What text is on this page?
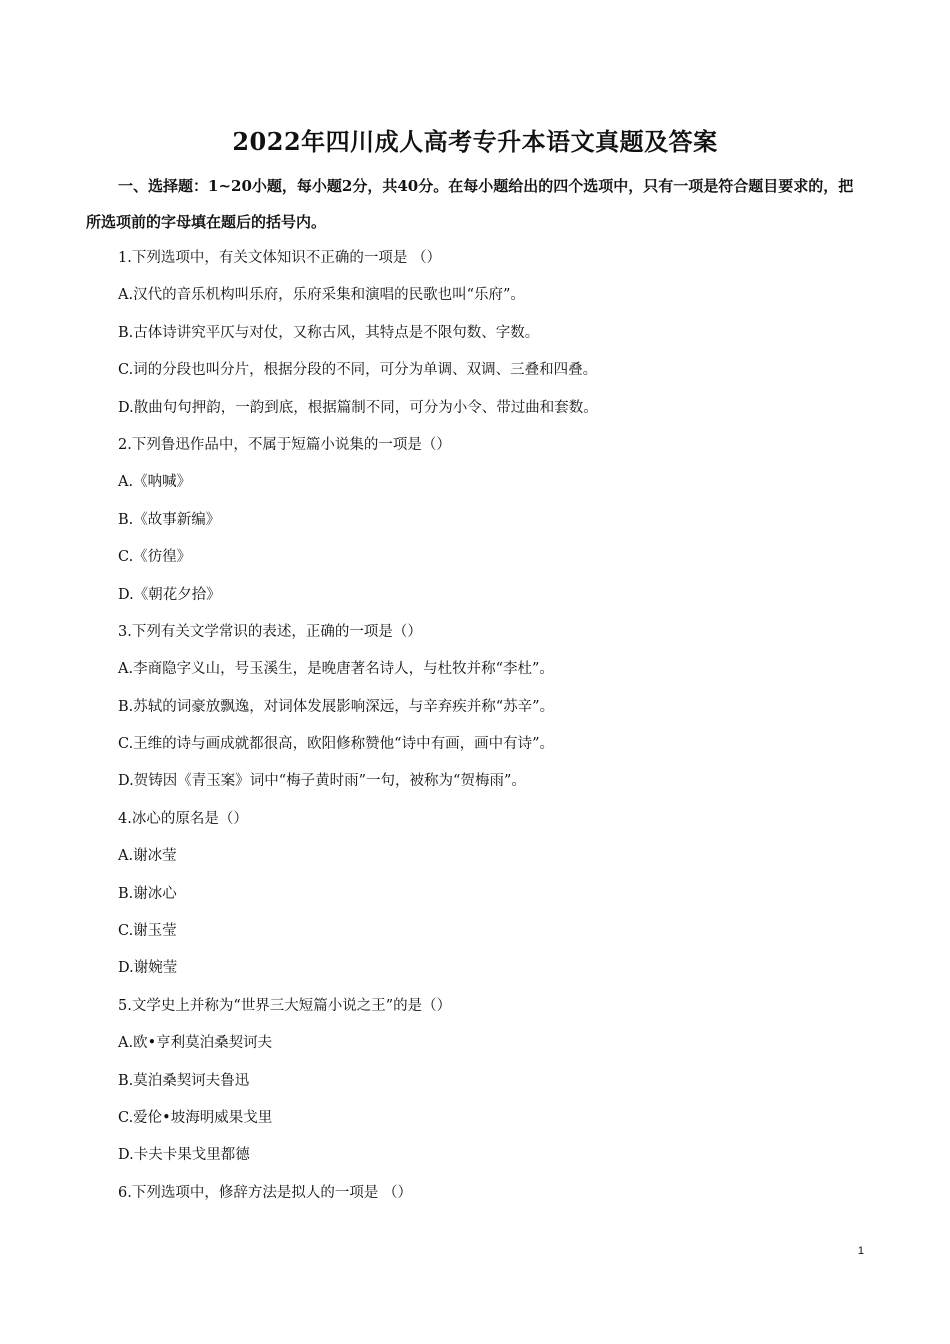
2022年四川成人高考专升本语文真题及答案
一、选择题：1~20小题，每小题2分，共40分。在每小题给出的四个选项中，只有一项是符合题目要求的，把所选项前的字母填在题后的括号内。
1.下列选项中，有关文体知识不正确的一项是 （）
A.汉代的音乐机构叫乐府，乐府采集和演唱的民歌也叫“乐府”。
B.古体诗讲究平仄与对仗，又称古风，其特点是不限句数、字数。
C.词的分段也叫分片，根据分段的不同，可分为单调、双调、三叠和四叠。
D.散曲句句押韵，一韵到底，根据篇制不同，可分为小令、带过曲和套数。
2.下列鲁迅作品中，不属于短篇小说集的一项是（）
A.《呐喊》
B.《故事新编》
C.《彷徨》
D.《朝花夕拾》
3.下列有关文学常识的表述，正确的一项是（）
A.李商隐字义山，号玉溪生，是晚唐著名诗人，与杜牧并称“李杜”。
B.苏轼的词豪放飘逸，对词体发展影响深远，与辛弃疾并称“苏辛”。
C.王维的诗与画成就都很高，欧阳修称赞他“诗中有画，画中有诗”。
D.贺铸因《青玉案》词中“梅子黄时雨”一句，被称为“贺梅雨”。
4.冰心的原名是（）
A.谢冰莹
B.谢冰心
C.谢玉莹
D.谢婉莹
5.文学史上并称为“世界三大短篇小说之王”的是（）
A.欧•亨利莫泊桑契诃夫
B.莫泊桑契诃夫鲁迅
C.爱伦•坡海明威果戈里
D.卡夫卡果戈里都德
6.下列选项中，修辞方法是拟人的一项是 （）
1
